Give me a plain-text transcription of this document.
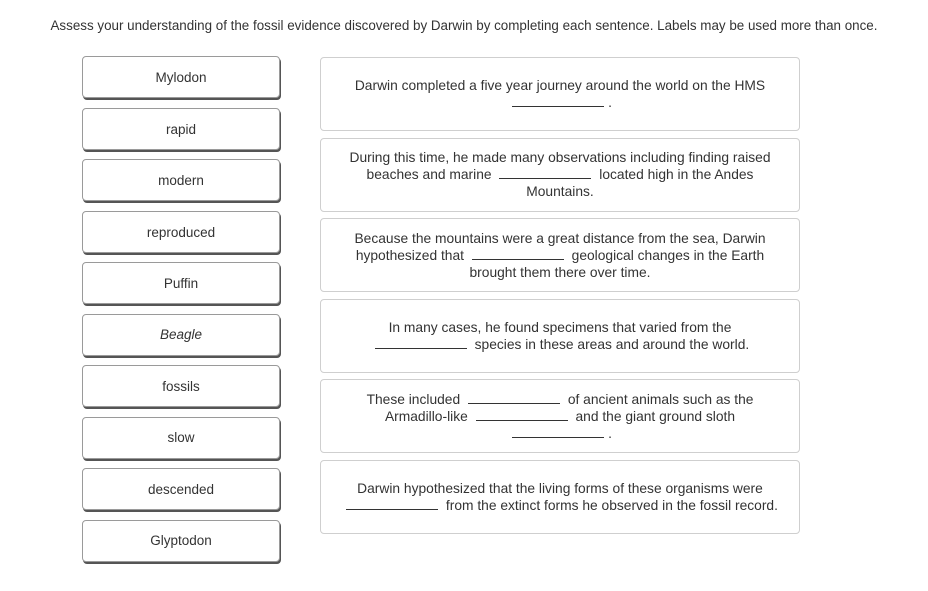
Assess your understanding of the fossil evidence discovered by Darwin by completing each sentence. Labels may be used more than once.
Mylodon
rapid
modern
reproduced
Puffin
Beagle
fossils
slow
descended
Glyptodon
Darwin completed a five year journey around the world on the HMS
.
During this time, he made many observations including finding raised beaches and marine	located high in the Andes Mountains.
Because the mountains were a great distance from the sea, Darwin hypothesized that	geological changes in the Earth brought them there over time.
In many cases, he found specimens that varied from the
species in these areas and around the world.
These included	of ancient animals such as the Armadillo-like	and the giant ground sloth
.
Darwin hypothesized that the living forms of these organisms were
from the extinct forms he observed in the fossil record.
